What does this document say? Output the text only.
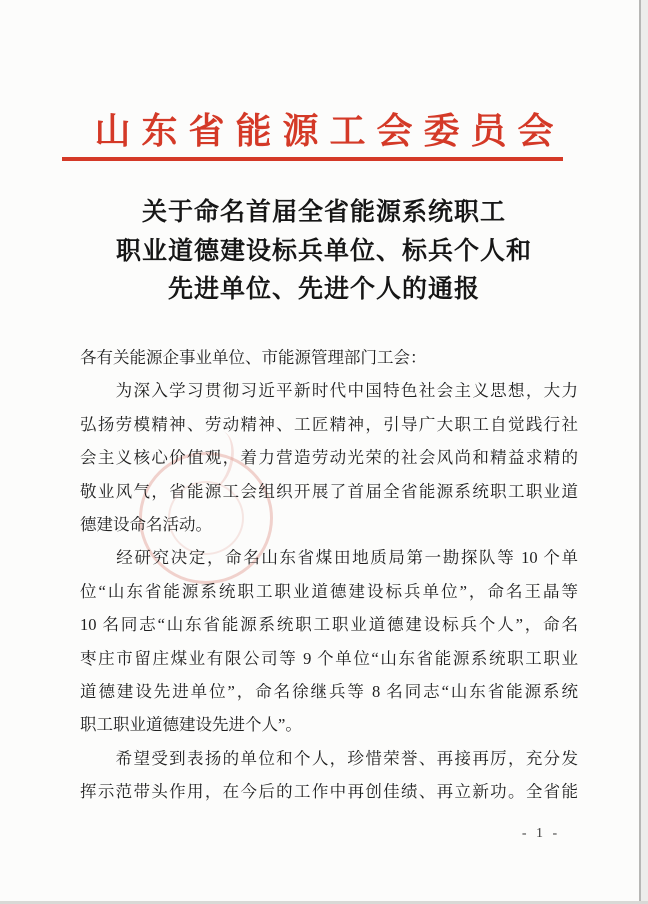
山东省能源工会委员会
关于命名首届全省能源系统职工
职业道德建设标兵单位、标兵个人和
先进单位、先进个人的通报
各有关能源企事业单位、市能源管理部门工会：
　　为深入学习贯彻习近平新时代中国特色社会主义思想，大力
弘扬劳模精神、劳动精神、工匠精神，引导广大职工自觉践行社
会主义核心价值观，着力营造劳动光荣的社会风尚和精益求精的
敬业风气，省能源工会组织开展了首届全省能源系统职工职业道
德建设命名活动。
　　经研究决定，命名山东省煤田地质局第一勘探队等 10 个单
位“山东省能源系统职工职业道德建设标兵单位”，命名王晶等
10 名同志“山东省能源系统职工职业道德建设标兵个人”，命名
枣庄市留庄煤业有限公司等 9 个单位“山东省能源系统职工职业
道德建设先进单位”，命名徐继兵等 8 名同志“山东省能源系统
职工职业道德建设先进个人”。
　　希望受到表扬的单位和个人，珍惜荣誉、再接再厉，充分发
挥示范带头作用，在今后的工作中再创佳绩、再立新功。全省能
- 1 -
